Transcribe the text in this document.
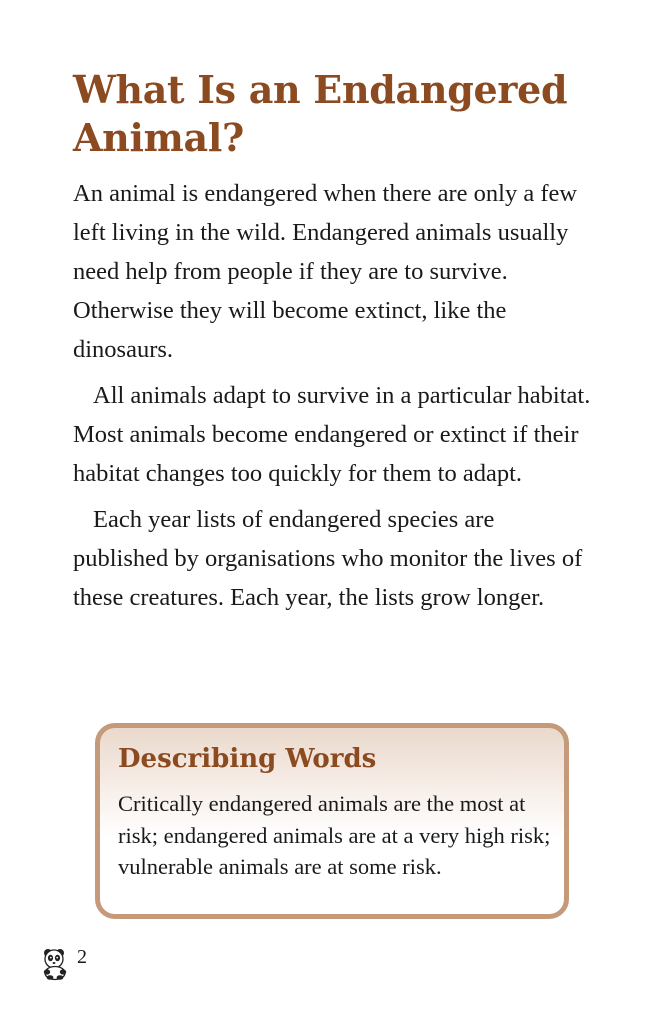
What Is an Endangered Animal?

An animal is endangered when there are only a few left living in the wild. Endangered animals usually need help from people if they are to survive. Otherwise they will become extinct, like the dinosaurs.

All animals adapt to survive in a particular habitat. Most animals become endangered or extinct if their habitat changes too quickly for them to adapt.

Each year lists of endangered species are published by organisations who monitor the lives of these creatures. Each year, the lists grow longer.

Describing Words

Critically endangered animals are the most at risk; endangered animals are at a very high risk; vulnerable animals are at some risk.

2
